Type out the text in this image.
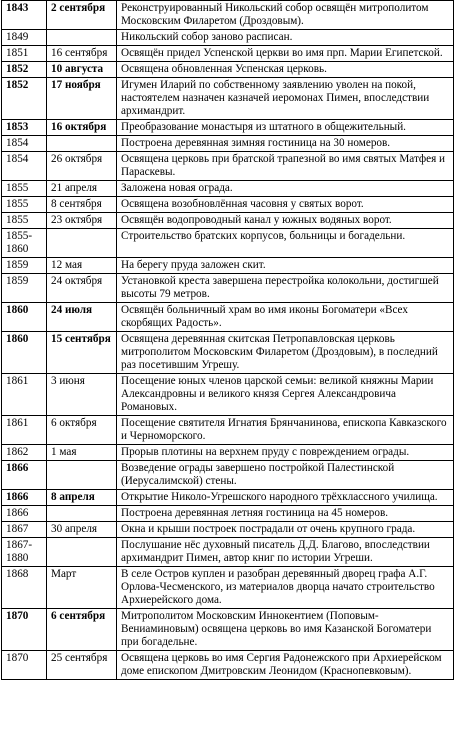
1843	2 сентября	Реконструированный Никольский собор освящён митрополитом Московским Филаретом (Дроздовым).
1849		Никольский собор заново расписан.
1851	16 сентября	Освящён придел Успенской церкви во имя прп. Марии Египетской.
1852	10 августа	Освящена обновленная Успенская церковь.
1852	17 ноября	Игумен Иларий по собственному заявлению уволен на покой, настоятелем назначен казначей иеромонах Пимен, впоследствии архимандрит.
1853	16 октября	Преобразование монастыря из штатного в общежительный.
1854		Построена деревянная зимняя гостиница на 30 номеров.
1854	26 октября	Освящена церковь при братской трапезной во имя святых Матфея и Параскевы.
1855	21 апреля	Заложена новая ограда.
1855	8 сентября	Освящена возобновлённая часовня у святых ворот.
1855	23 октября	Освящён водопроводный канал у южных водяных ворот.
1855-1860		Строительство братских корпусов, больницы и богадельни.
1859	12 мая	На берегу пруда заложен скит.
1859	24 октября	Установкой креста завершена перестройка колокольни, достигшей высоты 79 метров.
1860	24 июля	Освящён больничный храм во имя иконы Богоматери «Всех скорбящих Радость».
1860	15 сентября	Освящена деревянная скитская Петропавловская церковь митрополитом Московским Филаретом (Дроздовым), в последний раз посетившим Угрешу.
1861	3 июня	Посещение юных членов царской семьи: великой княжны Марии Александровны и великого князя Сергея Александровича Романовых.
1861	6 октября	Посещение святителя Игнатия Брянчанинова, епископа Кавказского и Черноморского.
1862	1 мая	Прорыв плотины на верхнем пруду с повреждением ограды.
1866		Возведение ограды завершено постройкой Палестинской (Иерусалимской) стены.
1866	8 апреля	Открытие Николо-Угрешского народного трёхклассного училища.
1866		Построена деревянная летняя гостиница на 45 номеров.
1867	30 апреля	Окна и крыши построек пострадали от очень крупного града.
1867-1880		Послушание нёс духовный писатель Д.Д. Благово, впоследствии архимандрит Пимен, автор книг по истории Угреши.
1868	Март	В селе Остров куплен и разобран деревянный дворец графа А.Г. Орлова-Чесменского, из материалов дворца начато строительство Архиерейского дома.
1870	6 сентября	Митрополитом Московским Иннокентием (Поповым-Вениаминовым) освящена церковь во имя Казанской Богоматери при богадельне.
1870	25 сентября	Освящена церковь во имя Сергия Радонежского при Архиерейском доме епископом Дмитровским Леонидом (Краснопевковым).
